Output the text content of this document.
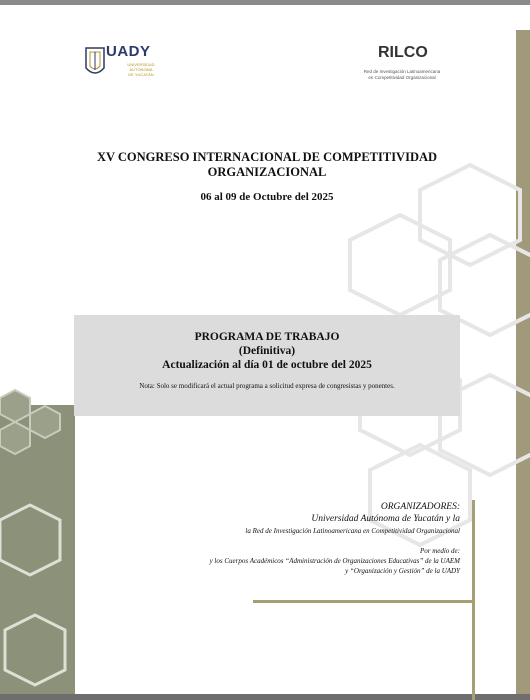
UADY
UNIVERSIDAD
AUTÓNOMA
DE YUCATÁN
RILCO
Red de Investigación Latinoamericana
en Competitividad Organizacional
XV CONGRESO INTERNACIONAL DE COMPETITIVIDAD
ORGANIZACIONAL
06 al 09 de Octubre del 2025
PROGRAMA DE TRABAJO
(Definitiva)
Actualización al día 01 de octubre del 2025
Nota: Solo se modificará el actual programa a solicitud expresa de congresistas y ponentes.
ORGANIZADORES:
Universidad Autónoma de Yucatán y la
la Red de Investigación Latinoamericana en Competitividad Organizacional
Por medio de:
y los Cuerpos Académicos “Administración de Organizaciones Educativas” de la UAEM
y “Organización y Gestión” de la UADY
